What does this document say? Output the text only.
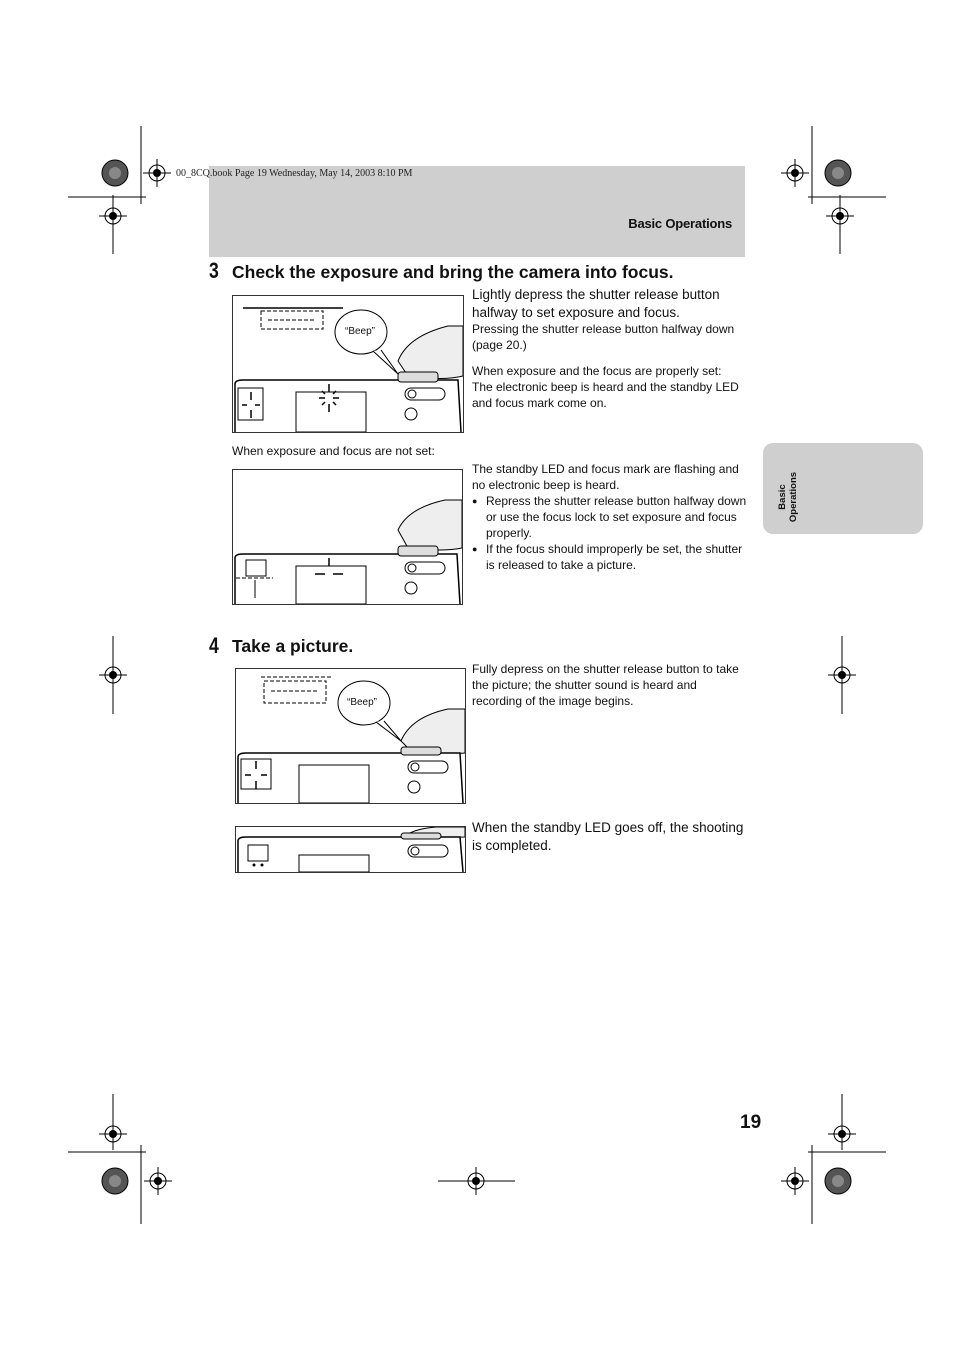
00_8CQ.book Page 19 Wednesday, May 14, 2003 8:10 PM
Basic Operations
Basic Operations
3 Check the exposure and bring the camera into focus.
“Beep”
Lightly depress the shutter release button halfway to set exposure and focus.
Pressing the shutter release button halfway down (page 20.)
When exposure and the focus are properly set: The electronic beep is heard and the standby LED and focus mark come on.
When exposure and focus are not set:
The standby LED and focus mark are flashing and no electronic beep is heard.
● Repress the shutter release button halfway down or use the focus lock to set exposure and focus properly.
● If the focus should improperly be set, the shutter is released to take a picture.
4 Take a picture.
“Beep”
Fully depress on the shutter release button to take the picture; the shutter sound is heard and recording of the image begins.
When the standby LED goes off, the shooting is completed.
19
